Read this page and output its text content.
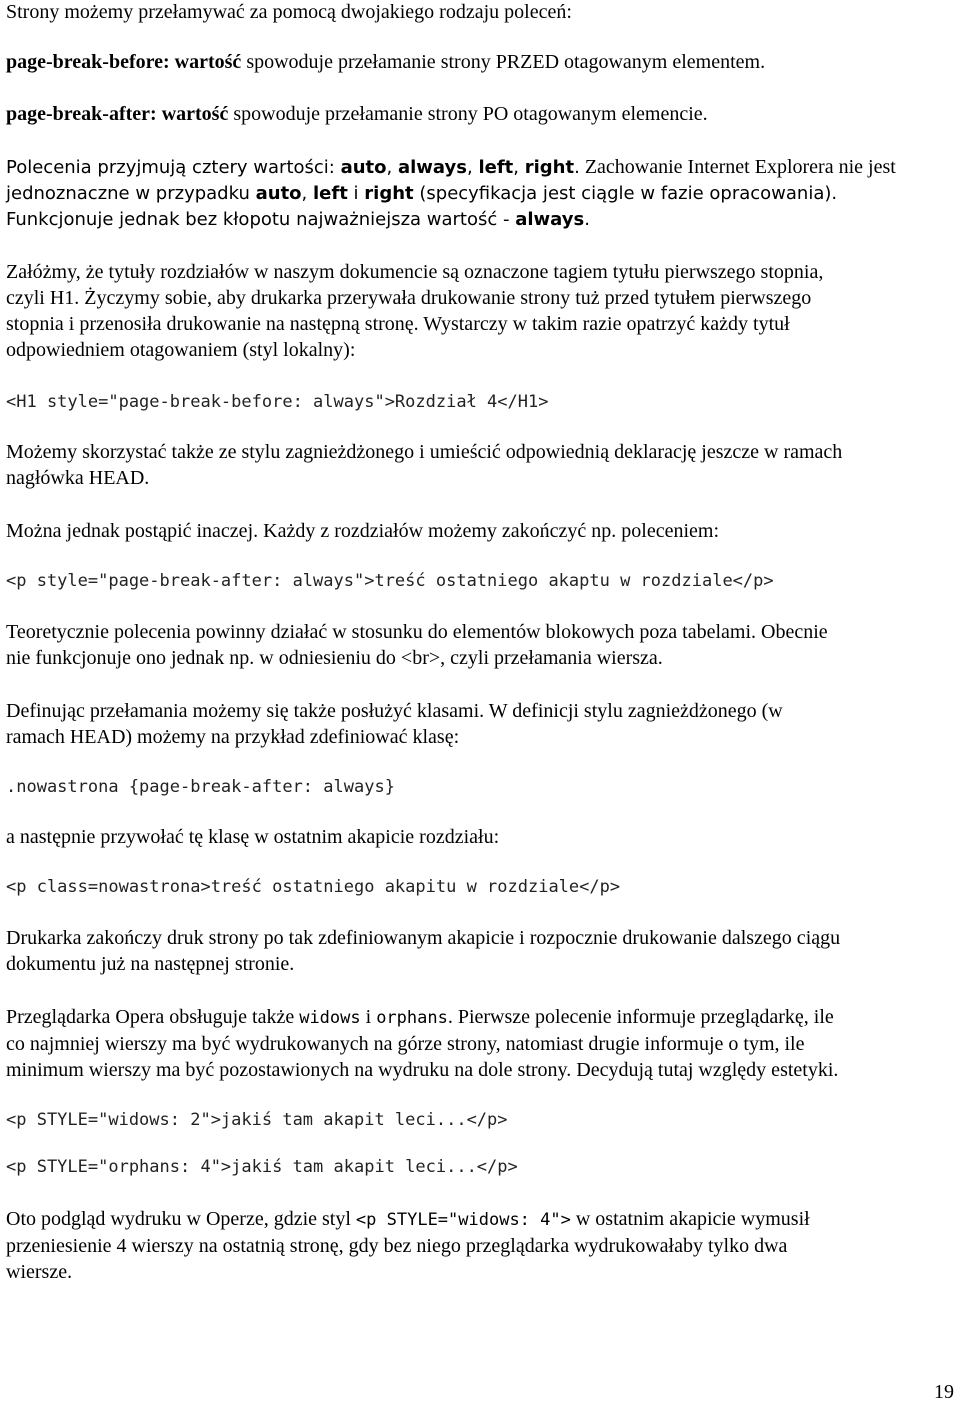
Strony możemy przełamywać za pomocą dwojakiego rodzaju poleceń:

page-break-before: wartość spowoduje przełamanie strony PRZED otagowanym elementem.

page-break-after: wartość spowoduje przełamanie strony PO otagowanym elemencie.

Polecenia przyjmują cztery wartości: auto, always, left, right. Zachowanie Internet Explorera nie jest

jednoznaczne w przypadku auto, left i right (specyfikacja jest ciągle w fazie opracowania).

Funkcjonuje jednak bez kłopotu najważniejsza wartość - always.

Załóżmy, że tytuły rozdziałów w naszym dokumencie są oznaczone tagiem tytułu pierwszego stopnia,

czyli H1. Życzymy sobie, aby drukarka przerywała drukowanie strony tuż przed tytułem pierwszego

stopnia i przenosiła drukowanie na następną stronę. Wystarczy w takim razie opatrzyć każdy tytuł

odpowiedniem otagowaniem (styl lokalny):

<H1 style="page-break-before: always">Rozdział 4</H1>

Możemy skorzystać także ze stylu zagnieżdżonego i umieścić odpowiednią deklarację jeszcze w ramach

nagłówka HEAD.

Można jednak postąpić inaczej. Każdy z rozdziałów możemy zakończyć np. poleceniem:

<p style="page-break-after: always">treść ostatniego akaptu w rozdziale</p>

Teoretycznie polecenia powinny działać w stosunku do elementów blokowych poza tabelami. Obecnie

nie funkcjonuje ono jednak np. w odniesieniu do <br>, czyli przełamania wiersza.

Definując przełamania możemy się także posłużyć klasami. W definicji stylu zagnieżdżonego (w

ramach HEAD) możemy na przykład zdefiniować klasę:

.nowastrona {page-break-after: always}

a następnie przywołać tę klasę w ostatnim akapicie rozdziału:

<p class=nowastrona>treść ostatniego akapitu w rozdziale</p>

Drukarka zakończy druk strony po tak zdefiniowanym akapicie i rozpocznie drukowanie dalszego ciągu

dokumentu już na następnej stronie.

Przeglądarka Opera obsługuje także widows i orphans. Pierwsze polecenie informuje przeglądarkę, ile

co najmniej wierszy ma być wydrukowanych na górze strony, natomiast drugie informuje o tym, ile

minimum wierszy ma być pozostawionych na wydruku na dole strony. Decydują tutaj względy estetyki.

<p STYLE="widows: 2">jakiś tam akapit leci...</p>

<p STYLE="orphans: 4">jakiś tam akapit leci...</p>

Oto podgląd wydruku w Operze, gdzie styl <p STYLE="widows: 4"> w ostatnim akapicie wymusił

przeniesienie 4 wierszy na ostatnią stronę, gdy bez niego przeglądarka wydrukowałaby tylko dwa

wiersze.

19
